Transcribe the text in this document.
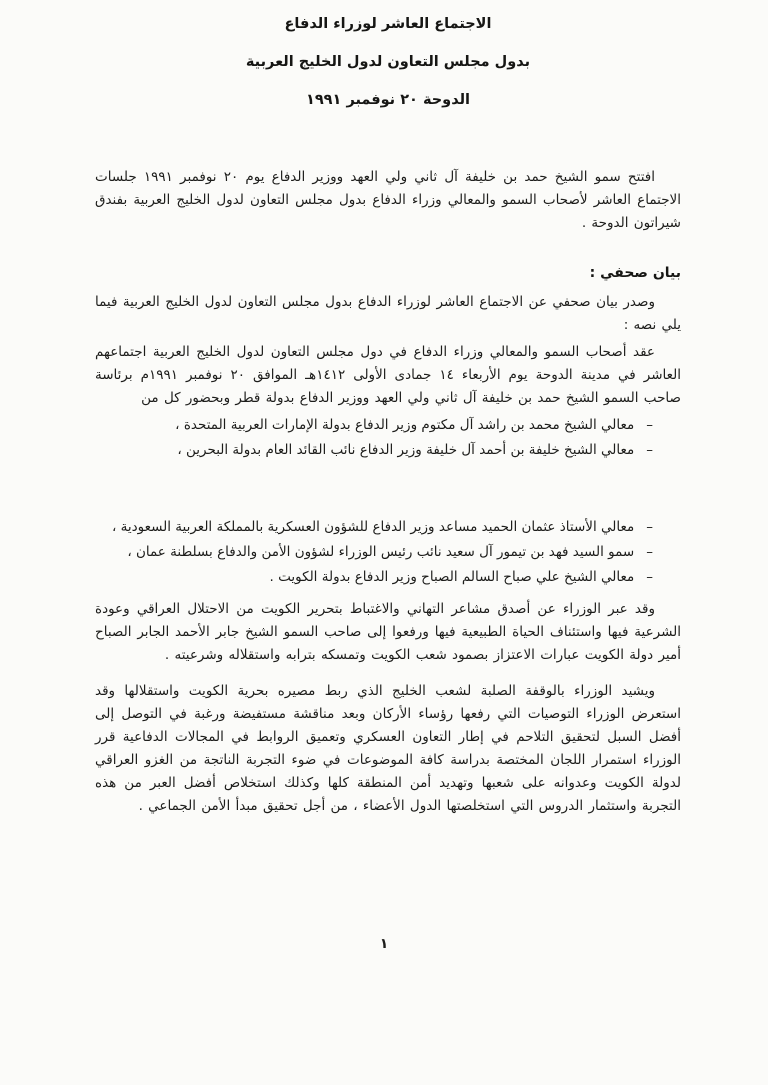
الاجتماع العاشر لوزراء الدفاع
بدول مجلس التعاون لدول الخليج العربية
الدوحة ٢٠ نوفمبر ١٩٩١

افتتح سمو الشيخ حمد بن خليفة آل ثاني ولي العهد ووزير الدفاع يوم ٢٠ نوفمبر ١٩٩١ جلسات الاجتماع العاشر لأصحاب السمو والمعالي وزراء الدفاع بدول مجلس التعاون لدول الخليج العربية بفندق شيراتون الدوحة .

بيان صحفي :

وصدر بيان صحفي عن الاجتماع العاشر لوزراء الدفاع بدول مجلس التعاون لدول الخليج العربية فيما يلي نصه :

عقد أصحاب السمو والمعالي وزراء الدفاع في دول مجلس التعاون لدول الخليج العربية اجتماعهم العاشر في مدينة الدوحة يوم الأربعاء ١٤ جمادى الأولى ١٤١٢هـ الموافق ٢٠ نوفمبر ١٩٩١م برئاسة صاحب السمو الشيخ حمد بن خليفة آل ثاني ولي العهد ووزير الدفاع بدولة قطر وبحضور كل من

–
معالي الشيخ محمد بن راشد آل مكتوم وزير الدفاع بدولة الإمارات العربية المتحدة ،
–
معالي الشيخ خليفة بن أحمد آل خليفة وزير الدفاع نائب القائد العام بدولة البحرين ،
–
معالي الأستاذ عثمان الحميد مساعد وزير الدفاع للشؤون العسكرية بالمملكة العربية السعودية ،
–
سمو السيد فهد بن تيمور آل سعيد نائب رئيس الوزراء لشؤون الأمن والدفاع بسلطنة عمان ،
–
معالي الشيخ علي صباح السالم الصباح وزير الدفاع بدولة الكويت .

وقد عبر الوزراء عن أصدق مشاعر التهاني والاغتباط بتحرير الكويت من الاحتلال العراقي وعودة الشرعية فيها واستئناف الحياة الطبيعية فيها ورفعوا إلى صاحب السمو الشيخ جابر الأحمد الجابر الصباح أمير دولة الكويت عبارات الاعتزاز بصمود شعب الكويت وتمسكه بترابه واستقلاله وشرعيته .

ويشيد الوزراء بالوقفة الصلبة لشعب الخليج الذي ربط مصيره بحرية الكويت واستقلالها وقد استعرض الوزراء التوصيات التي رفعها رؤساء الأركان وبعد مناقشة مستفيضة ورغبة في التوصل إلى أفضل السبل لتحقيق التلاحم في إطار التعاون العسكري وتعميق الروابط في المجالات الدفاعية قرر الوزراء استمرار اللجان المختصة بدراسة كافة الموضوعات في ضوء التجربة الناتجة من الغزو العراقي لدولة الكويت وعدوانه على شعبها وتهديد أمن المنطقة كلها وكذلك استخلاص أفضل العبر من هذه التجربة واستثمار الدروس التي استخلصتها الدول الأعضاء ، من أجل تحقيق مبدأ الأمن الجماعي .

١
